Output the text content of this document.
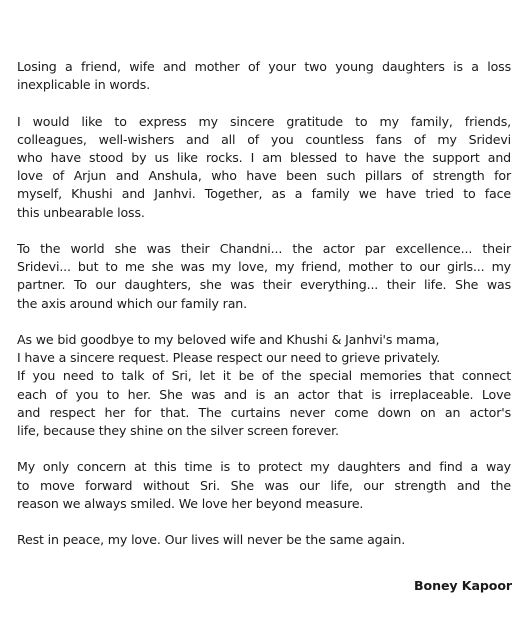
Losing a friend, wife and mother of your two young daughters is a loss
inexplicable in words.
I would like to express my sincere gratitude to my family, friends,
colleagues, well-wishers and all of you countless fans of my Sridevi
who have stood by us like rocks. I am blessed to have the support and
love of Arjun and Anshula, who have been such pillars of strength for
myself, Khushi and Janhvi. Together, as a family we have tried to face
this unbearable loss.
To the world she was their Chandni... the actor par excellence... their
Sridevi... but to me she was my love, my friend, mother to our girls... my
partner. To our daughters, she was their everything... their life. She was
the axis around which our family ran.
As we bid goodbye to my beloved wife and Khushi & Janhvi's mama,
I have a sincere request. Please respect our need to grieve privately.
If you need to talk of Sri, let it be of the special memories that connect
each of you to her. She was and is an actor that is irreplaceable. Love
and respect her for that. The curtains never come down on an actor's
life, because they shine on the silver screen forever.
My only concern at this time is to protect my daughters and find a way
to move forward without Sri. She was our life, our strength and the
reason we always smiled. We love her beyond measure.
Rest in peace, my love. Our lives will never be the same again.
Boney Kapoor
